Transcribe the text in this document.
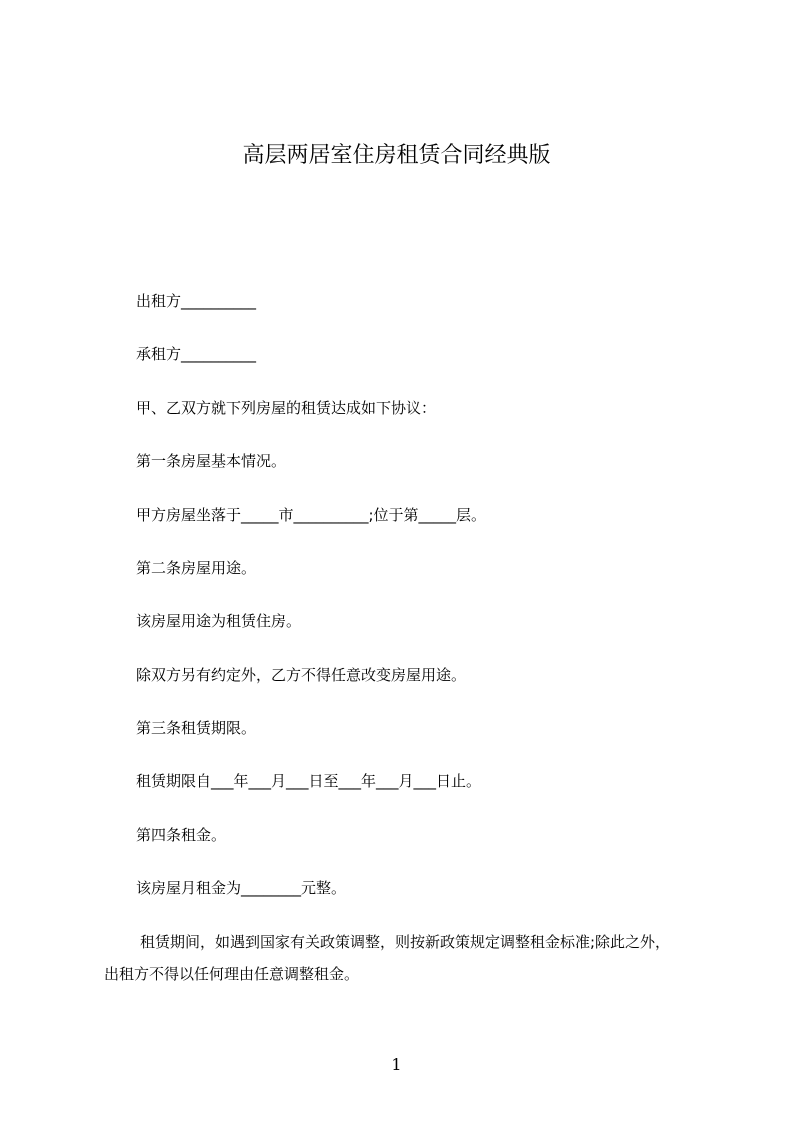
高层两居室住房租赁合同经典版
出租方__________
承租方__________
甲、乙双方就下列房屋的租赁达成如下协议：
第一条房屋基本情况。
甲方房屋坐落于_____市__________;位于第_____层。
第二条房屋用途。
该房屋用途为租赁住房。
除双方另有约定外，乙方不得任意改变房屋用途。
第三条租赁期限。
租赁期限自___年___月___日至___年___月___日止。
第四条租金。
该房屋月租金为________元整。
租赁期间，如遇到国家有关政策调整，则按新政策规定调整租金标准;除此之外，
出租方不得以任何理由任意调整租金。
1
